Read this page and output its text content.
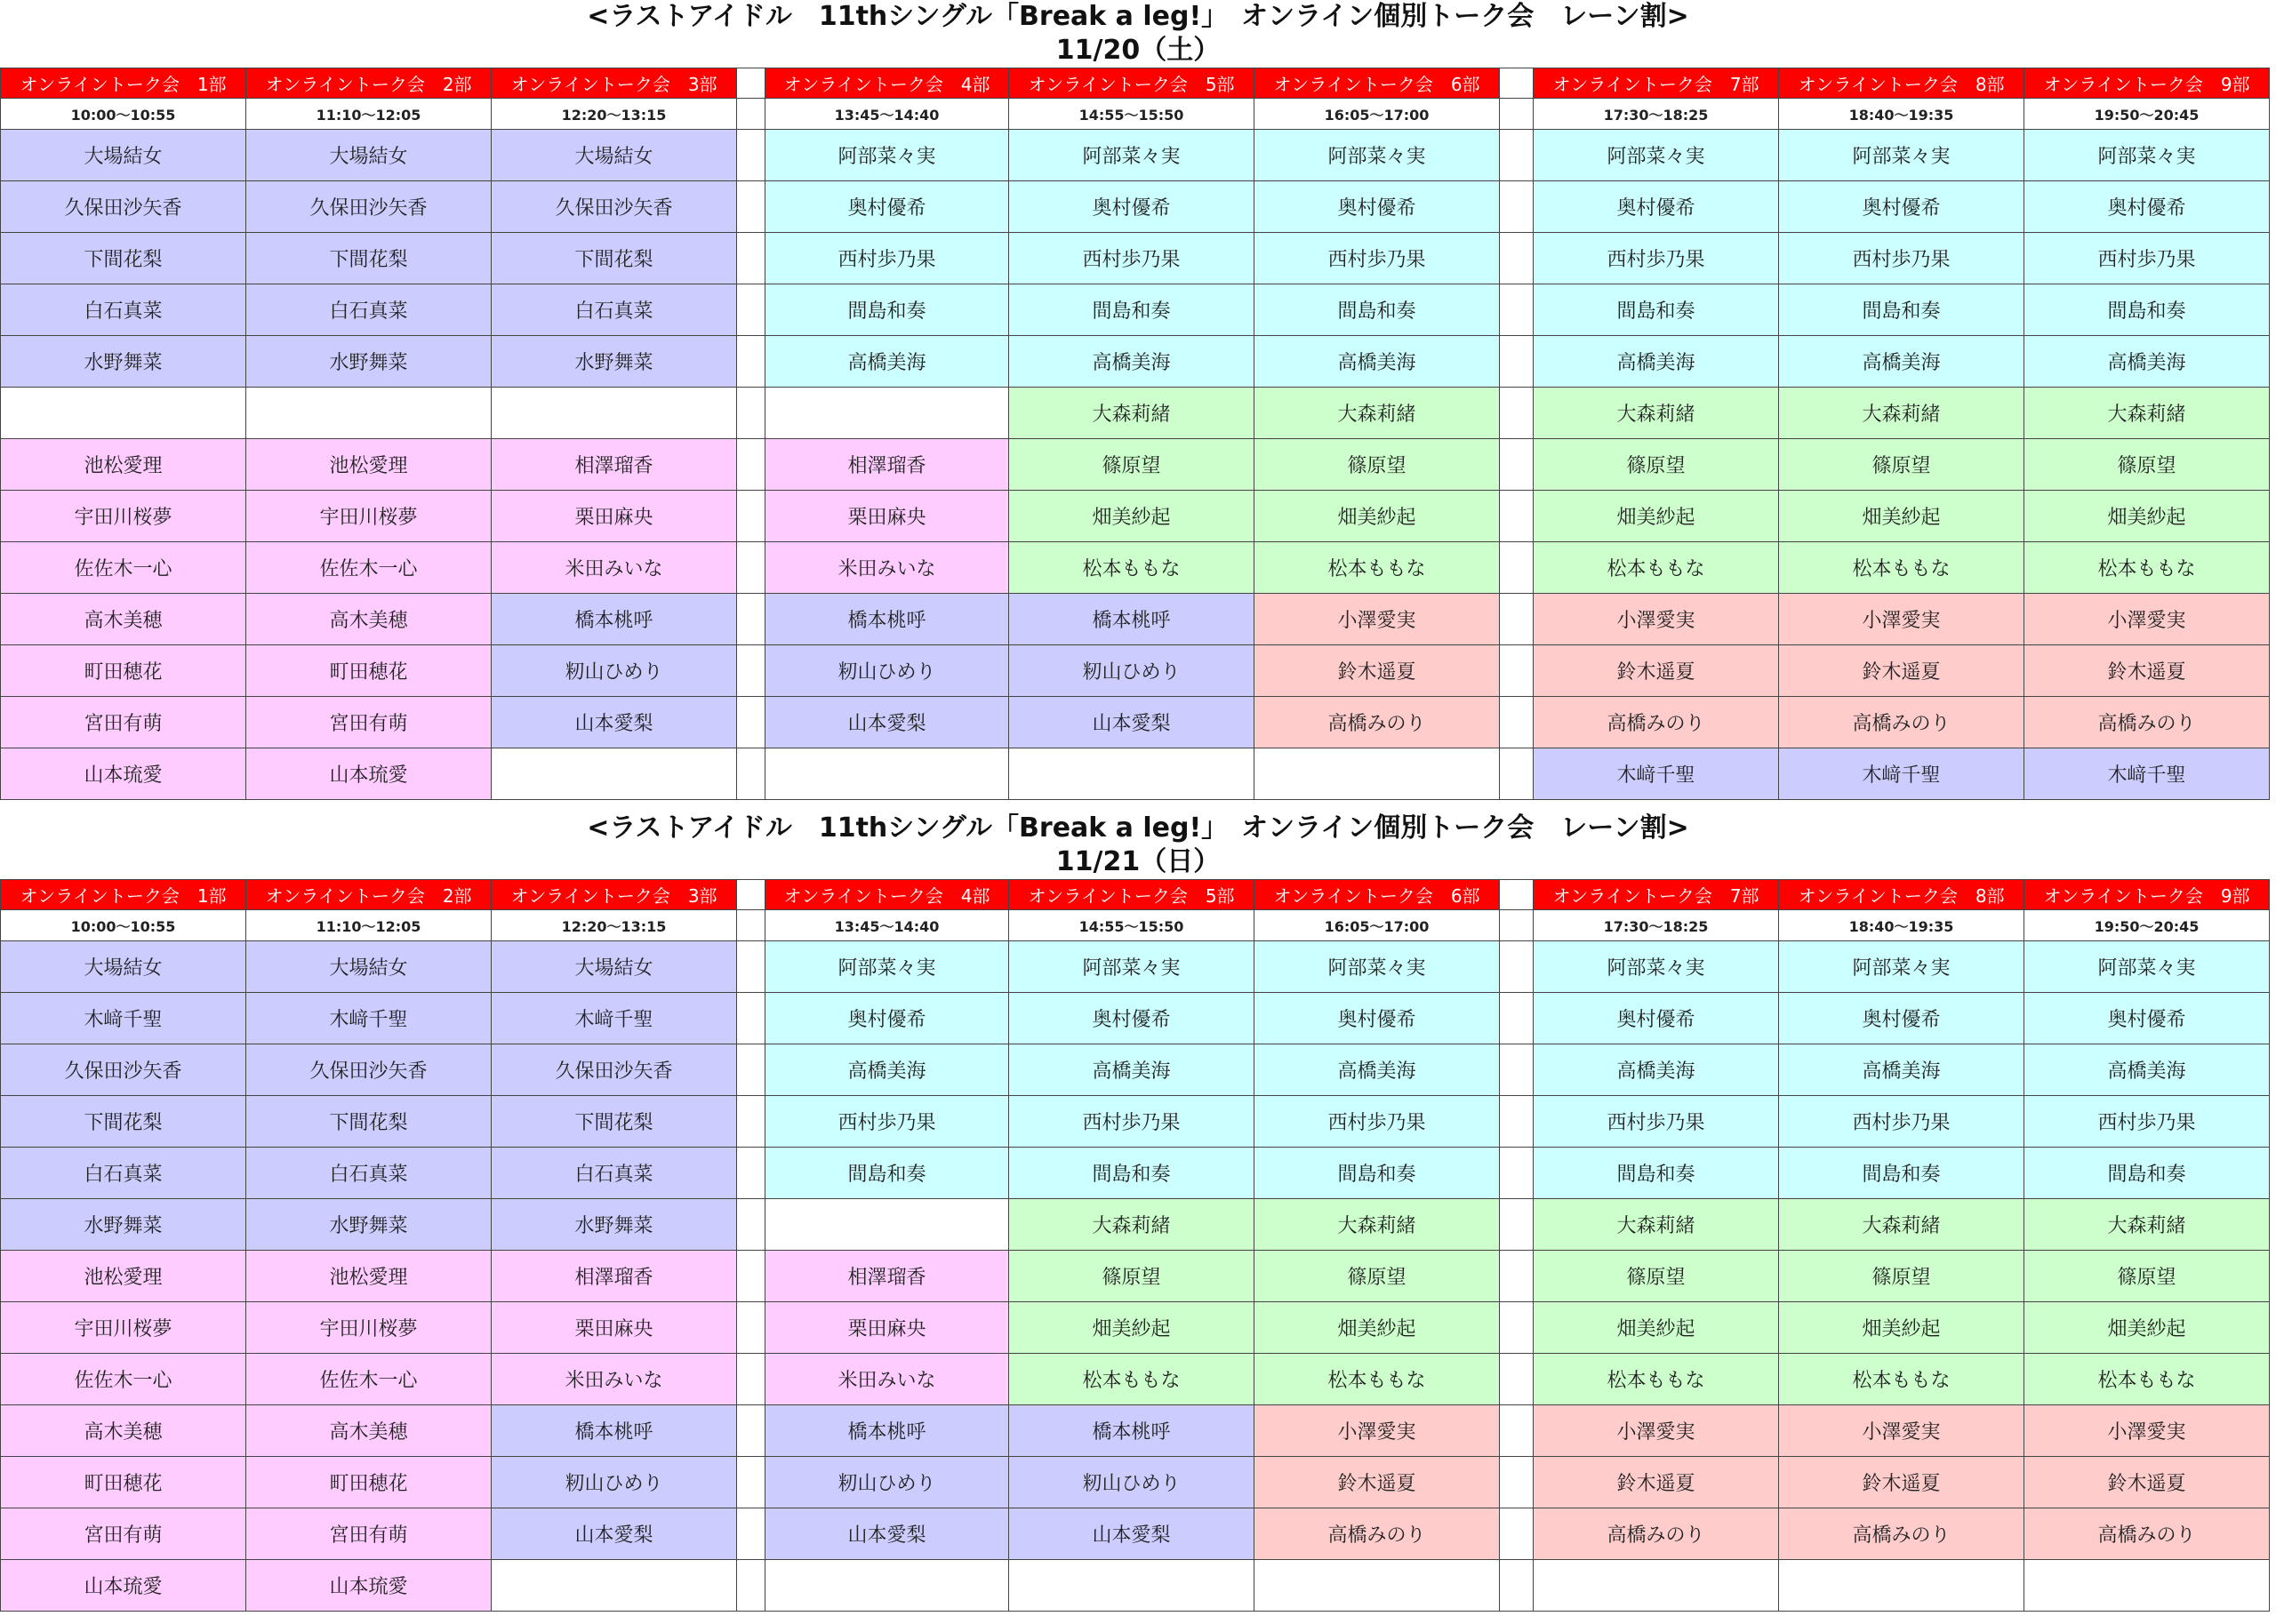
<ラストアイドル　11thシングル「Break a leg!」　オンライン個別トーク会　レーン割>
11/20（土）
オンライントーク会　1部	オンライントーク会　2部	オンライントーク会　3部		オンライントーク会　4部	オンライントーク会　5部	オンライントーク会　6部		オンライントーク会　7部	オンライントーク会　8部	オンライントーク会　9部
10:00～10:55	11:10～12:05	12:20～13:15		13:45～14:40	14:55～15:50	16:05～17:00		17:30～18:25	18:40～19:35	19:50～20:45
大場結女	大場結女	大場結女		阿部菜々実	阿部菜々実	阿部菜々実		阿部菜々実	阿部菜々実	阿部菜々実
久保田沙矢香	久保田沙矢香	久保田沙矢香		奥村優希	奥村優希	奥村優希		奥村優希	奥村優希	奥村優希
下間花梨	下間花梨	下間花梨		西村歩乃果	西村歩乃果	西村歩乃果		西村歩乃果	西村歩乃果	西村歩乃果
白石真菜	白石真菜	白石真菜		間島和奏	間島和奏	間島和奏		間島和奏	間島和奏	間島和奏
水野舞菜	水野舞菜	水野舞菜		高橋美海	高橋美海	高橋美海		高橋美海	高橋美海	高橋美海
					大森莉緒	大森莉緒		大森莉緒	大森莉緒	大森莉緒
池松愛理	池松愛理	相澤瑠香		相澤瑠香	篠原望	篠原望		篠原望	篠原望	篠原望
宇田川桜夢	宇田川桜夢	栗田麻央		栗田麻央	畑美紗起	畑美紗起		畑美紗起	畑美紗起	畑美紗起
佐佐木一心	佐佐木一心	米田みいな		米田みいな	松本ももな	松本ももな		松本ももな	松本ももな	松本ももな
高木美穂	高木美穂	橋本桃呼		橋本桃呼	橋本桃呼	小澤愛実		小澤愛実	小澤愛実	小澤愛実
町田穂花	町田穂花	籾山ひめり		籾山ひめり	籾山ひめり	鈴木遥夏		鈴木遥夏	鈴木遥夏	鈴木遥夏
宮田有萌	宮田有萌	山本愛梨		山本愛梨	山本愛梨	高橋みのり		高橋みのり	高橋みのり	高橋みのり
山本琉愛	山本琉愛							木﨑千聖	木﨑千聖	木﨑千聖
<ラストアイドル　11thシングル「Break a leg!」　オンライン個別トーク会　レーン割>
11/21（日）
オンライントーク会　1部	オンライントーク会　2部	オンライントーク会　3部		オンライントーク会　4部	オンライントーク会　5部	オンライントーク会　6部		オンライントーク会　7部	オンライントーク会　8部	オンライントーク会　9部
10:00～10:55	11:10～12:05	12:20～13:15		13:45～14:40	14:55～15:50	16:05～17:00		17:30～18:25	18:40～19:35	19:50～20:45
大場結女	大場結女	大場結女		阿部菜々実	阿部菜々実	阿部菜々実		阿部菜々実	阿部菜々実	阿部菜々実
木﨑千聖	木﨑千聖	木﨑千聖		奥村優希	奥村優希	奥村優希		奥村優希	奥村優希	奥村優希
久保田沙矢香	久保田沙矢香	久保田沙矢香		高橋美海	高橋美海	高橋美海		高橋美海	高橋美海	高橋美海
下間花梨	下間花梨	下間花梨		西村歩乃果	西村歩乃果	西村歩乃果		西村歩乃果	西村歩乃果	西村歩乃果
白石真菜	白石真菜	白石真菜		間島和奏	間島和奏	間島和奏		間島和奏	間島和奏	間島和奏
水野舞菜	水野舞菜	水野舞菜			大森莉緒	大森莉緒		大森莉緒	大森莉緒	大森莉緒
池松愛理	池松愛理	相澤瑠香		相澤瑠香	篠原望	篠原望		篠原望	篠原望	篠原望
宇田川桜夢	宇田川桜夢	栗田麻央		栗田麻央	畑美紗起	畑美紗起		畑美紗起	畑美紗起	畑美紗起
佐佐木一心	佐佐木一心	米田みいな		米田みいな	松本ももな	松本ももな		松本ももな	松本ももな	松本ももな
高木美穂	高木美穂	橋本桃呼		橋本桃呼	橋本桃呼	小澤愛実		小澤愛実	小澤愛実	小澤愛実
町田穂花	町田穂花	籾山ひめり		籾山ひめり	籾山ひめり	鈴木遥夏		鈴木遥夏	鈴木遥夏	鈴木遥夏
宮田有萌	宮田有萌	山本愛梨		山本愛梨	山本愛梨	高橋みのり		高橋みのり	高橋みのり	高橋みのり
山本琉愛	山本琉愛									
